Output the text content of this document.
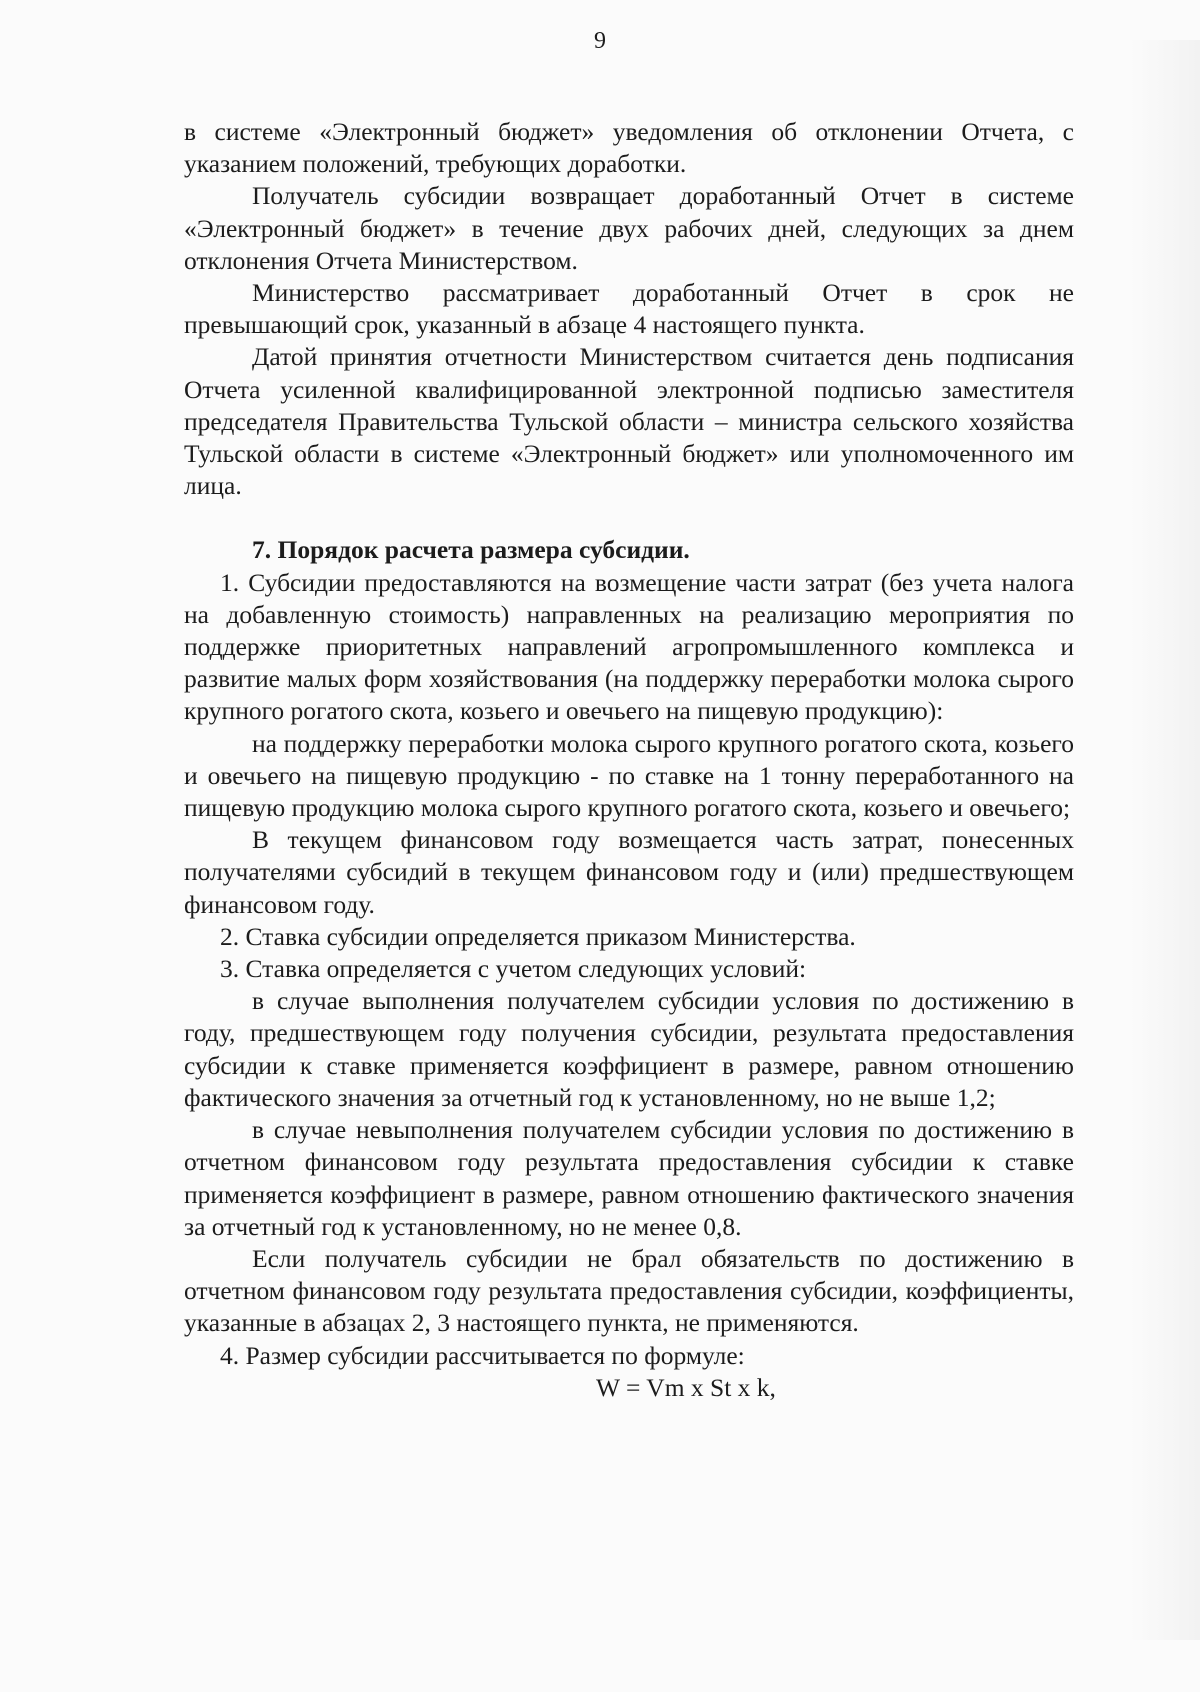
9

в системе «Электронный бюджет» уведомления об отклонении Отчета, с указанием положений, требующих доработки.

Получатель субсидии возвращает доработанный Отчет в системе «Электронный бюджет» в течение двух рабочих дней, следующих за днем отклонения Отчета Министерством.

Министерство рассматривает доработанный Отчет в срок не превышающий срок, указанный в абзаце 4 настоящего пункта.

Датой принятия отчетности Министерством считается день подписания Отчета усиленной квалифицированной электронной подписью заместителя председателя Правительства Тульской области – министра сельского хозяйства Тульской области в системе «Электронный бюджет» или уполномоченного им лица.

7. Порядок расчета размера субсидии.

1. Субсидии предоставляются на возмещение части затрат (без учета налога на добавленную стоимость) направленных на реализацию мероприятия по поддержке приоритетных направлений агропромышленного комплекса и развитие малых форм хозяйствования (на поддержку переработки молока сырого крупного рогатого скота, козьего и овечьего на пищевую продукцию):

на поддержку переработки молока сырого крупного рогатого скота, козьего и овечьего на пищевую продукцию - по ставке на 1 тонну переработанного на пищевую продукцию молока сырого крупного рогатого скота, козьего и овечьего;

В текущем финансовом году возмещается часть затрат, понесенных получателями субсидий в текущем финансовом году и (или) предшествующем финансовом году.

2. Ставка субсидии определяется приказом Министерства.

3. Ставка определяется с учетом следующих условий:

в случае выполнения получателем субсидии условия по достижению в году, предшествующем году получения субсидии, результата предоставления субсидии к ставке применяется коэффициент в размере, равном отношению фактического значения за отчетный год к установленному, но не выше 1,2;

в случае невыполнения получателем субсидии условия по достижению в отчетном финансовом году результата предоставления субсидии к ставке применяется коэффициент в размере, равном отношению фактического значения за отчетный год к установленному, но не менее 0,8.

Если получатель субсидии не брал обязательств по достижению в отчетном финансовом году результата предоставления субсидии, коэффициенты, указанные в абзацах 2, 3 настоящего пункта, не применяются.

4. Размер субсидии рассчитывается по формуле:

W = Vm x St x k,
